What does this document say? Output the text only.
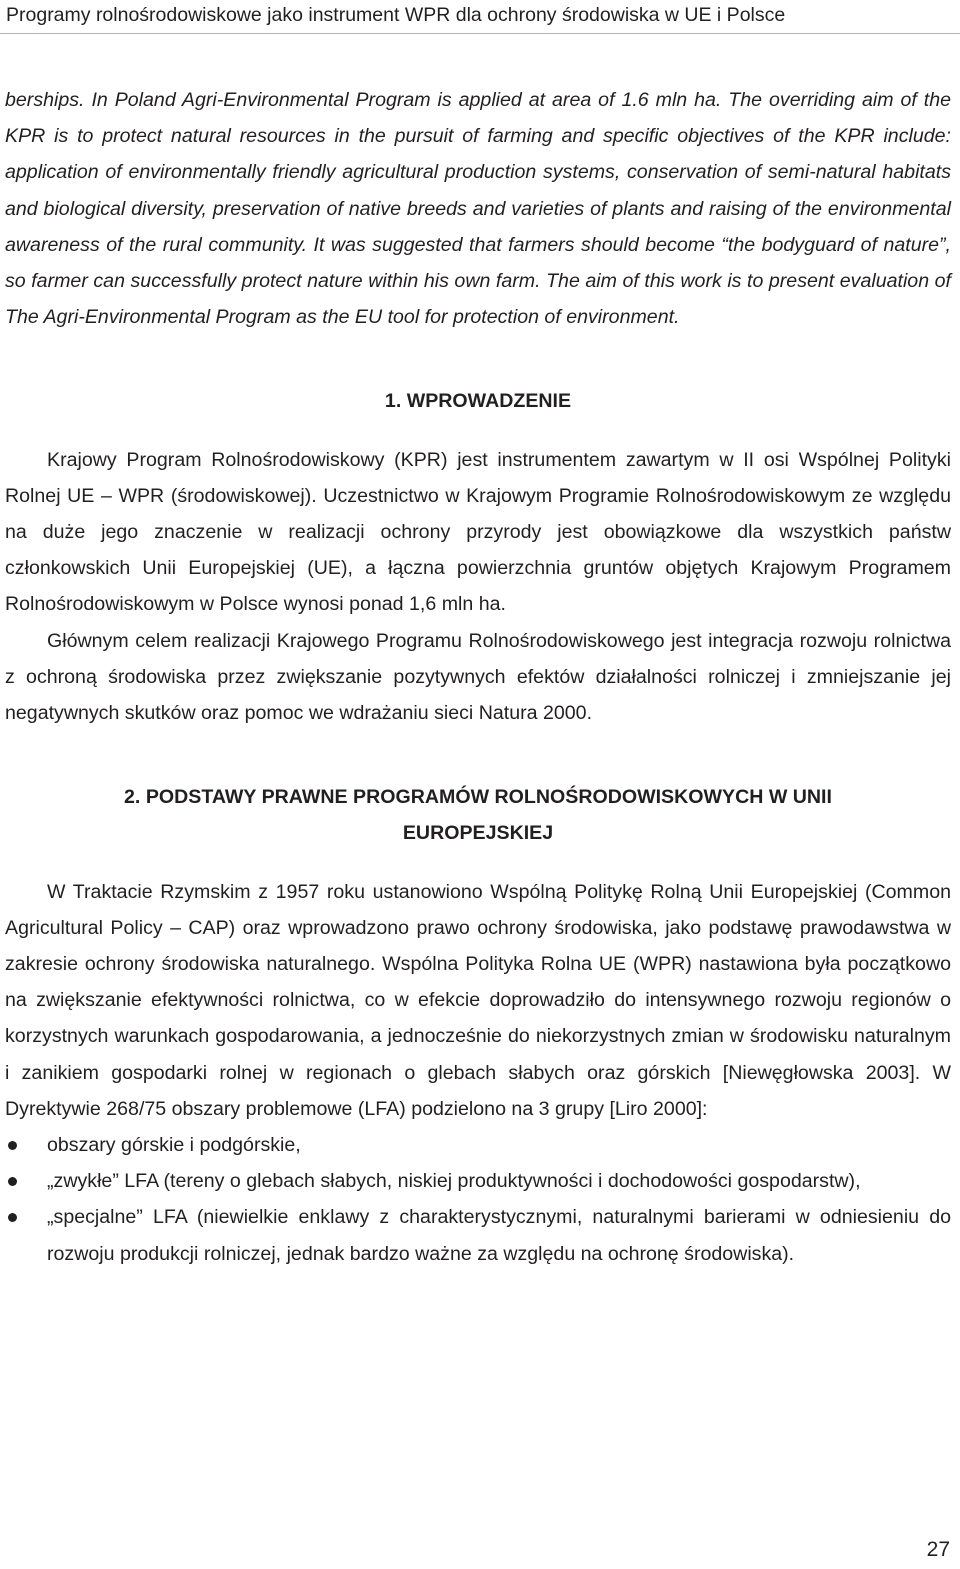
Programy rolnośrodowiskowe jako instrument WPR dla ochrony środowiska w UE i Polsce

berships. In Poland Agri-Environmental Program is applied at area of 1.6 mln ha. The overriding aim of the KPR is to protect natural resources in the pursuit of farming and specific objectives of the KPR include: application of environmentally friendly agricultural production systems, conservation of semi-natural habitats and biological diversity, preservation of native breeds and varieties of plants and raising of the environmental awareness of the rural community. It was suggested that farmers should become “the bodyguard of nature”, so farmer can successfully protect nature within his own farm. The aim of this work is to present evaluation of The Agri-Environmental Program as the EU tool for protection of environment.

1. WPROWADZENIE

Krajowy Program Rolnośrodowiskowy (KPR) jest instrumentem zawartym w II osi Wspólnej Polityki Rolnej UE – WPR (środowiskowej). Uczestnictwo w Krajowym Programie Rolnośrodowiskowym ze względu na duże jego znaczenie w realizacji ochrony przyrody jest obowiązkowe dla wszystkich państw członkowskich Unii Europejskiej (UE), a łączna powierzchnia gruntów objętych Krajowym Programem Rolnośrodowiskowym w Polsce wynosi ponad 1,6 mln ha.

Głównym celem realizacji Krajowego Programu Rolnośrodowiskowego jest integracja rozwoju rolnictwa z ochroną środowiska przez zwiększanie pozytywnych efektów działalności rolniczej i zmniejszanie jej negatywnych skutków oraz pomoc we wdrażaniu sieci Natura 2000.

2. PODSTAWY PRAWNE PROGRAMÓW ROLNOŚRODOWISKOWYCH W UNII
EUROPEJSKIEJ

W Traktacie Rzymskim z 1957 roku ustanowiono Wspólną Politykę Rolną Unii Europejskiej (Common Agricultural Policy – CAP) oraz wprowadzono prawo ochrony środowiska, jako podstawę prawodawstwa w zakresie ochrony środowiska naturalnego. Wspólna Polityka Rolna UE (WPR) nastawiona była początkowo na zwiększanie efektywności rolnictwa, co w efekcie doprowadziło do intensywnego rozwoju regionów o korzystnych warunkach gospodarowania, a jednocześnie do niekorzystnych zmian w środowisku naturalnym i zanikiem gospodarki rolnej w regionach o glebach słabych oraz górskich [Niewęgłowska 2003]. W Dyrektywie 268/75 obszary problemowe (LFA) podzielono na 3 grupy [Liro 2000]:

obszary górskie i podgórskie,
„zwykłe” LFA (tereny o glebach słabych, niskiej produktywności i dochodowości gospodarstw),
„specjalne” LFA (niewielkie enklawy z charakterystycznymi, naturalnymi barierami w odniesieniu do rozwoju produkcji rolniczej, jednak bardzo ważne za względu na ochronę środowiska).
27
